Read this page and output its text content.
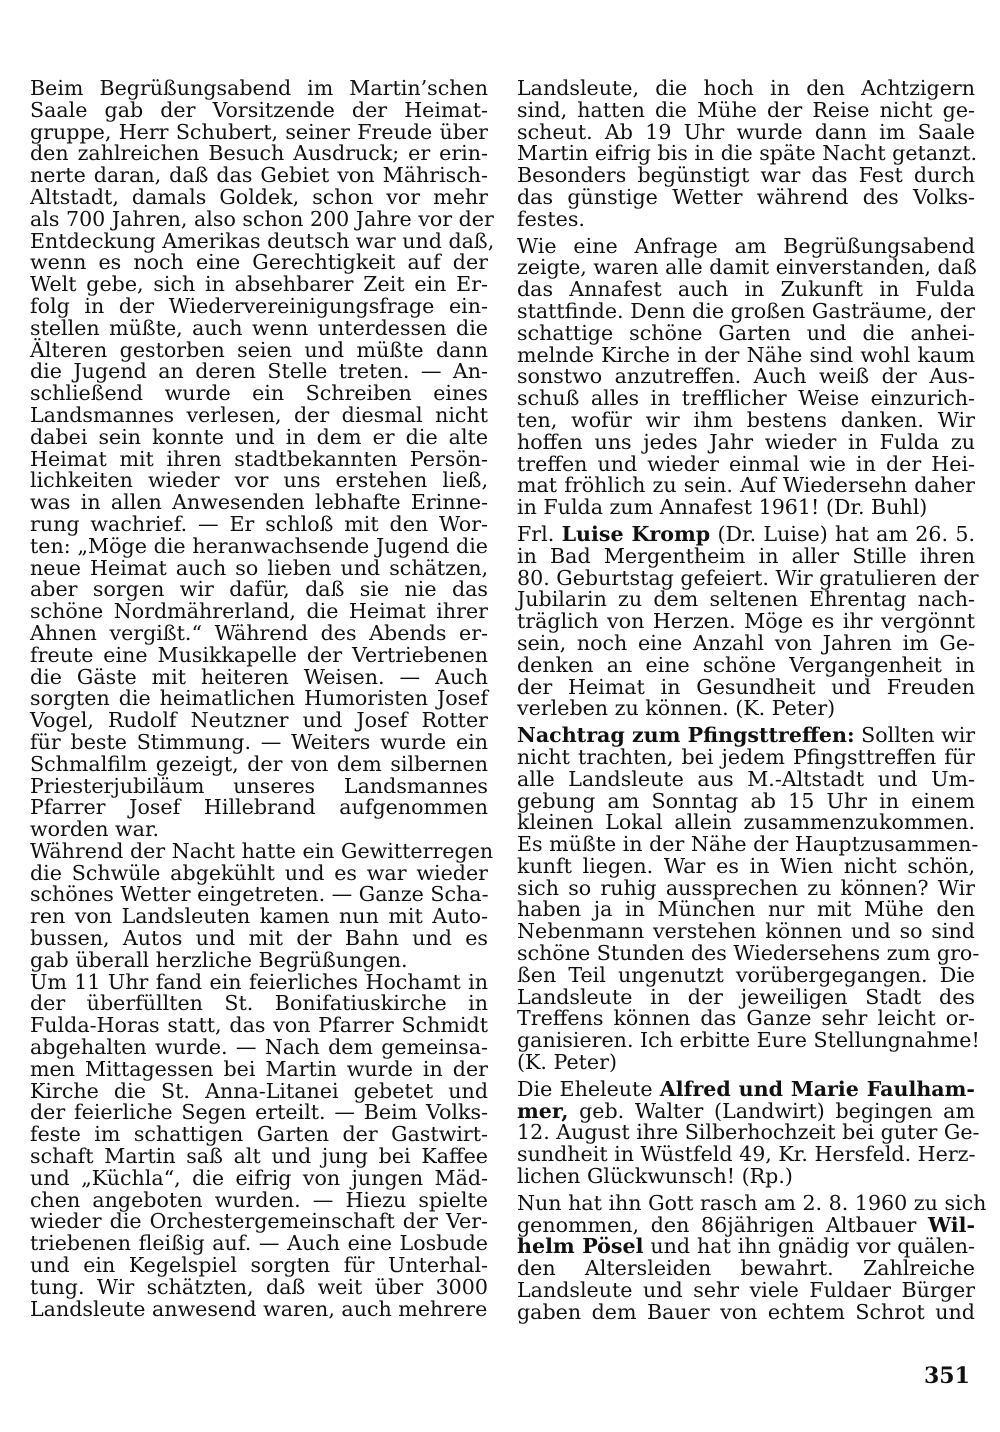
Beim Begrüßungsabend im Martin’schen
Saale gab der Vorsitzende der Heimat-
gruppe, Herr Schubert, seiner Freude über
den zahlreichen Besuch Ausdruck; er erin-
nerte daran, daß das Gebiet von Mährisch-
Altstadt, damals Goldek, schon vor mehr
als 700 Jahren, also schon 200 Jahre vor der
Entdeckung Amerikas deutsch war und daß,
wenn es noch eine Gerechtigkeit auf der
Welt gebe, sich in absehbarer Zeit ein Er-
folg in der Wiedervereinigungsfrage ein-
stellen müßte, auch wenn unterdessen die
Älteren gestorben seien und müßte dann
die Jugend an deren Stelle treten. — An-
schließend wurde ein Schreiben eines
Landsmannes verlesen, der diesmal nicht
dabei sein konnte und in dem er die alte
Heimat mit ihren stadtbekannten Persön-
lichkeiten wieder vor uns erstehen ließ,
was in allen Anwesenden lebhafte Erinne-
rung wachrief. — Er schloß mit den Wor-
ten: „Möge die heranwachsende Jugend die
neue Heimat auch so lieben und schätzen,
aber sorgen wir dafür, daß sie nie das
schöne Nordmährerland, die Heimat ihrer
Ahnen vergißt.“ Während des Abends er-
freute eine Musikkapelle der Vertriebenen
die Gäste mit heiteren Weisen. — Auch
sorgten die heimatlichen Humoristen Josef
Vogel, Rudolf Neutzner und Josef Rotter
für beste Stimmung. — Weiters wurde ein
Schmalfilm gezeigt, der von dem silbernen
Priesterjubiläum unseres Landsmannes
Pfarrer Josef Hillebrand aufgenommen
worden war.
Während der Nacht hatte ein Gewitterregen
die Schwüle abgekühlt und es war wieder
schönes Wetter eingetreten. — Ganze Scha-
ren von Landsleuten kamen nun mit Auto-
bussen, Autos und mit der Bahn und es
gab überall herzliche Begrüßungen.
Um 11 Uhr fand ein feierliches Hochamt in
der überfüllten St. Bonifatiuskirche in
Fulda-Horas statt, das von Pfarrer Schmidt
abgehalten wurde. — Nach dem gemeinsa-
men Mittagessen bei Martin wurde in der
Kirche die St. Anna-Litanei gebetet und
der feierliche Segen erteilt. — Beim Volks-
feste im schattigen Garten der Gastwirt-
schaft Martin saß alt und jung bei Kaffee
und „Küchla“, die eifrig von jungen Mäd-
chen angeboten wurden. — Hiezu spielte
wieder die Orchestergemeinschaft der Ver-
triebenen fleißig auf. — Auch eine Losbude
und ein Kegelspiel sorgten für Unterhal-
tung. Wir schätzten, daß weit über 3000
Landsleute anwesend waren, auch mehrere
Landsleute, die hoch in den Achtzigern
sind, hatten die Mühe der Reise nicht ge-
scheut. Ab 19 Uhr wurde dann im Saale
Martin eifrig bis in die späte Nacht getanzt.
Besonders begünstigt war das Fest durch
das günstige Wetter während des Volks-
festes.
Wie eine Anfrage am Begrüßungsabend
zeigte, waren alle damit einverstanden, daß
das Annafest auch in Zukunft in Fulda
stattfinde. Denn die großen Gasträume, der
schattige schöne Garten und die anhei-
melnde Kirche in der Nähe sind wohl kaum
sonstwo anzutreffen. Auch weiß der Aus-
schuß alles in trefflicher Weise einzurich-
ten, wofür wir ihm bestens danken. Wir
hoffen uns jedes Jahr wieder in Fulda zu
treffen und wieder einmal wie in der Hei-
mat fröhlich zu sein. Auf Wiedersehn daher
in Fulda zum Annafest 1961! (Dr. Buhl)
Frl. Luise Kromp (Dr. Luise) hat am 26. 5.
in Bad Mergentheim in aller Stille ihren
80. Geburtstag gefeiert. Wir gratulieren der
Jubilarin zu dem seltenen Ehrentag nach-
träglich von Herzen. Möge es ihr vergönnt
sein, noch eine Anzahl von Jahren im Ge-
denken an eine schöne Vergangenheit in
der Heimat in Gesundheit und Freuden
verleben zu können. (K. Peter)
Nachtrag zum Pfingsttreffen: Sollten wir
nicht trachten, bei jedem Pfingsttreffen für
alle Landsleute aus M.-Altstadt und Um-
gebung am Sonntag ab 15 Uhr in einem
kleinen Lokal allein zusammenzukommen.
Es müßte in der Nähe der Hauptzusammen-
kunft liegen. War es in Wien nicht schön,
sich so ruhig aussprechen zu können? Wir
haben ja in München nur mit Mühe den
Nebenmann verstehen können und so sind
schöne Stunden des Wiedersehens zum gro-
ßen Teil ungenutzt vorübergegangen. Die
Landsleute in der jeweiligen Stadt des
Treffens können das Ganze sehr leicht or-
ganisieren. Ich erbitte Eure Stellungnahme!
(K. Peter)
Die Eheleute Alfred und Marie Faulham-
mer, geb. Walter (Landwirt) begingen am
12. August ihre Silberhochzeit bei guter Ge-
sundheit in Wüstfeld 49, Kr. Hersfeld. Herz-
lichen Glückwunsch! (Rp.)
Nun hat ihn Gott rasch am 2. 8. 1960 zu sich
genommen, den 86jährigen Altbauer Wil-
helm Pösel und hat ihn gnädig vor quälen-
den Altersleiden bewahrt. Zahlreiche
Landsleute und sehr viele Fuldaer Bürger
gaben dem Bauer von echtem Schrot und
351
